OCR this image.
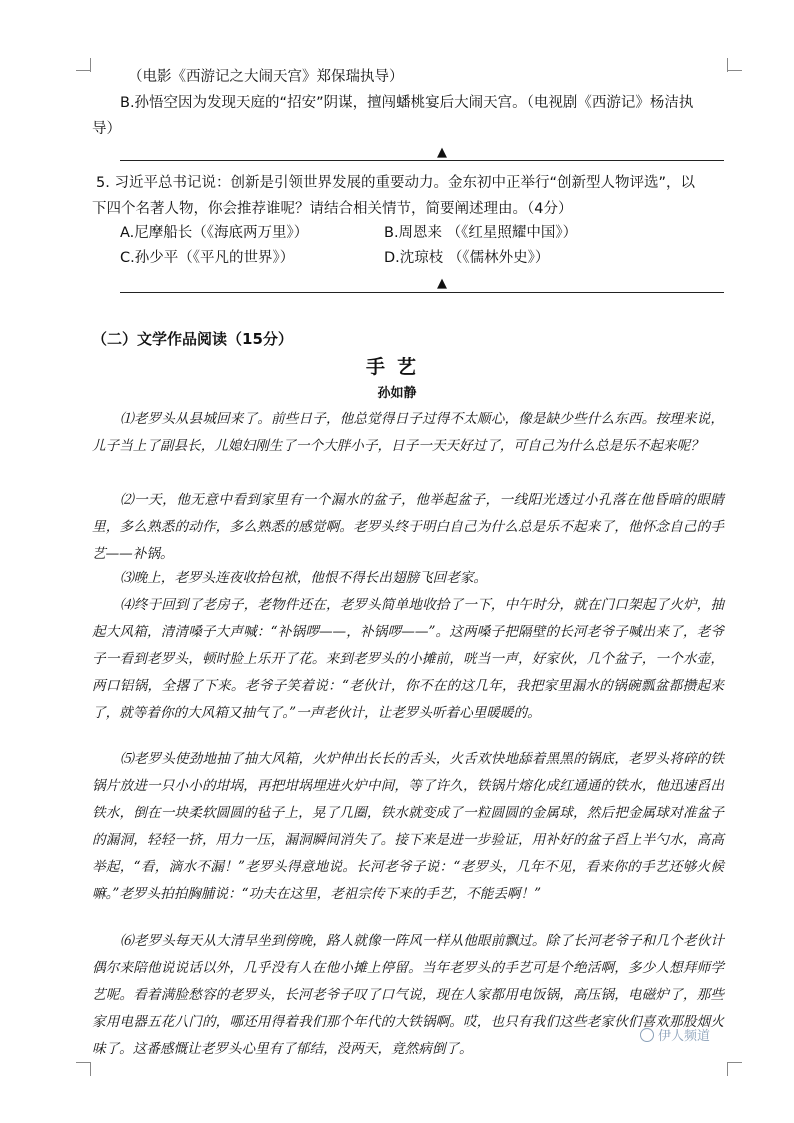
（电影《西游记之大闹天宫》郑保瑞执导）
B.孙悟空因为发现天庭的“招安”阴谋，擅闯蟠桃宴后大闹天宫。（电视剧《西游记》杨洁执
导）
▲
5. 习近平总书记说：创新是引领世界发展的重要动力。金东初中正举行“创新型人物评选”，以
下四个名著人物，你会推荐谁呢？请结合相关情节，简要阐述理由。（4分）
A.尼摩船长（《海底两万里》）	B.周恩来 （《红星照耀中国》）
C.孙少平（《平凡的世界》）	D.沈琼枝 （《儒林外史》）
▲
（二）文学作品阅读（15分）
手艺
孙如静
⑴老罗头从县城回来了。前些日子，他总觉得日子过得不太顺心，像是缺少些什么东西。按理来说，儿子当上了副县长，儿媳妇刚生了一个大胖小子，日子一天天好过了，可自己为什么总是乐不起来呢？
⑵一天，他无意中看到家里有一个漏水的盆子，他举起盆子，一线阳光透过小孔落在他昏暗的眼睛里，多么熟悉的动作，多么熟悉的感觉啊。老罗头终于明白自己为什么总是乐不起来了，他怀念自己的手艺——补锅。
⑶晚上，老罗头连夜收拾包袱，他恨不得长出翅膀飞回老家。
⑷终于回到了老房子，老物件还在，老罗头简单地收拾了一下，中午时分，就在门口架起了火炉，抽起大风箱，清清嗓子大声喊：“补锅啰——，补锅啰——”。这两嗓子把隔壁的长河老爷子喊出来了，老爷子一看到老罗头，顿时脸上乐开了花。来到老罗头的小摊前，咣当一声，好家伙，几个盆子，一个水壶，两口铝锅，全撂了下来。老爷子笑着说：“老伙计，你不在的这几年，我把家里漏水的锅碗瓢盆都攒起来了，就等着你的大风箱又抽气了。”一声老伙计，让老罗头听着心里暖暖的。
⑸老罗头使劲地抽了抽大风箱，火炉伸出长长的舌头，火舌欢快地舔着黑黑的锅底，老罗头将碎的铁锅片放进一只小小的坩埚，再把坩埚埋进火炉中间，等了许久，铁锅片熔化成红通通的铁水，他迅速舀出铁水，倒在一块柔软圆圆的毡子上，晃了几圈，铁水就变成了一粒圆圆的金属球，然后把金属球对准盆子的漏洞，轻轻一挤，用力一压，漏洞瞬间消失了。接下来是进一步验证，用补好的盆子舀上半勺水，高高举起，“看，滴水不漏！”老罗头得意地说。长河老爷子说：“老罗头，几年不见，看来你的手艺还够火候嘛。”老罗头拍拍胸脯说：“功夫在这里，老祖宗传下来的手艺，不能丢啊！”
⑹老罗头每天从大清早坐到傍晚，路人就像一阵风一样从他眼前飘过。除了长河老爷子和几个老伙计偶尔来陪他说说话以外，几乎没有人在他小摊上停留。当年老罗头的手艺可是个绝活啊，多少人想拜师学艺呢。看着满脸愁容的老罗头，长河老爷子叹了口气说，现在人家都用电饭锅，高压锅，电磁炉了，那些家用电器五花八门的，哪还用得着我们那个年代的大铁锅啊。哎，也只有我们这些老家伙们喜欢那股烟火味了。这番感慨让老罗头心里有了郁结，没两天，竟然病倒了。
伊人频道
